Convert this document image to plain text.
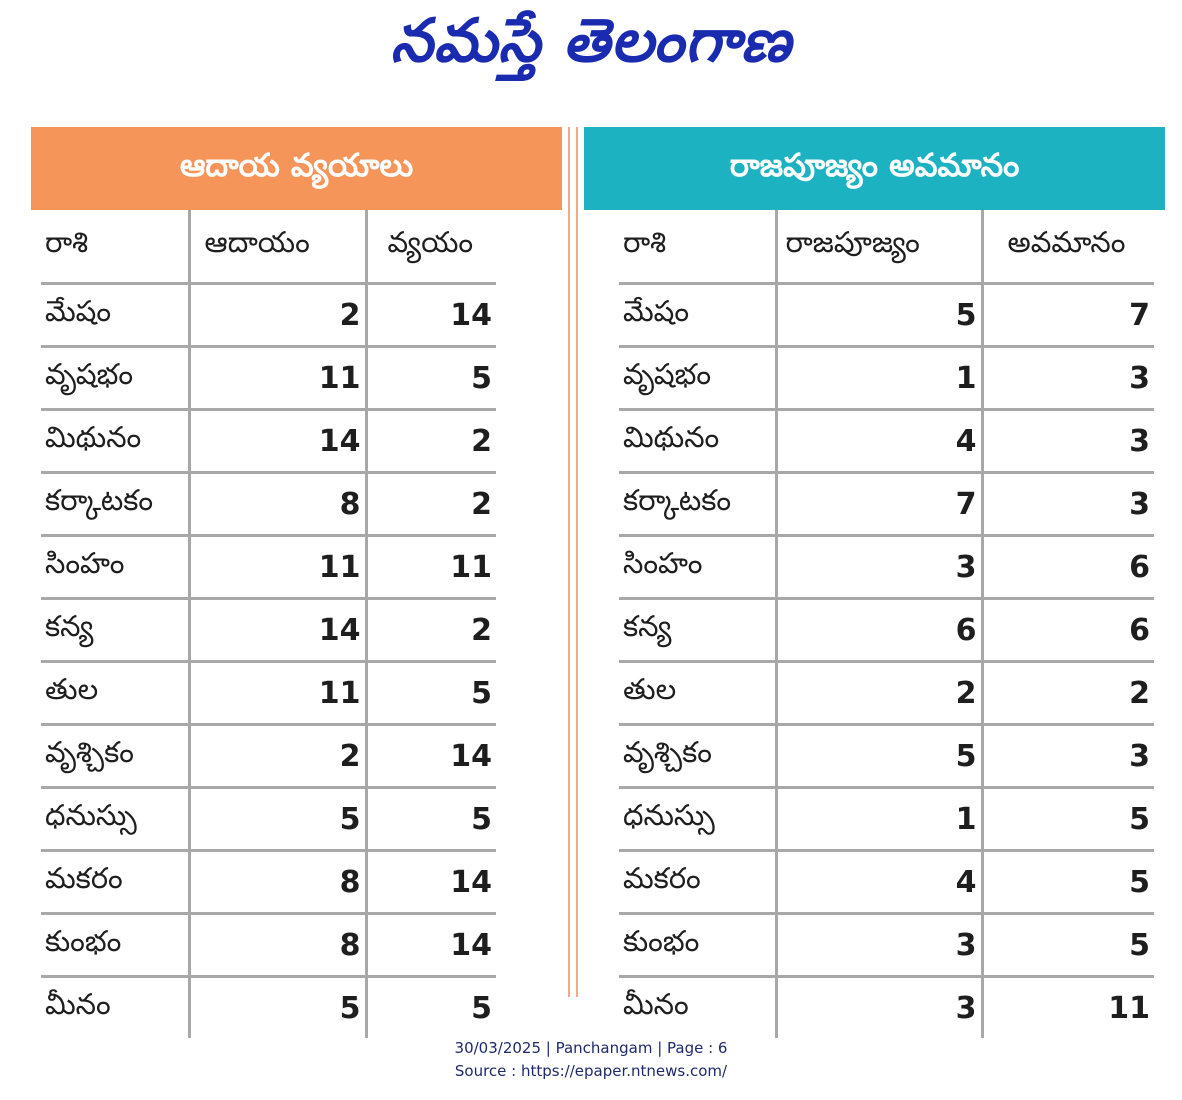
నమస్తే తెలంగాణ
ఆదాయ వ్యయాలు
రాశి	ఆదాయం	వ్యయం
మేషం	2	14
వృషభం	11	5
మిథునం	14	2
కర్కాటకం	8	2
సింహం	11	11
కన్య	14	2
తుల	11	5
వృశ్చికం	2	14
ధనుస్సు	5	5
మకరం	8	14
కుంభం	8	14
మీనం	5	5
రాజపూజ్యం అవమానం
రాశి	రాజపూజ్యం	అవమానం
మేషం	5	7
వృషభం	1	3
మిథునం	4	3
కర్కాటకం	7	3
సింహం	3	6
కన్య	6	6
తుల	2	2
వృశ్చికం	5	3
ధనుస్సు	1	5
మకరం	4	5
కుంభం	3	5
మీనం	3	11
30/03/2025 | Panchangam | Page : 6
Source : https://epaper.ntnews.com/
